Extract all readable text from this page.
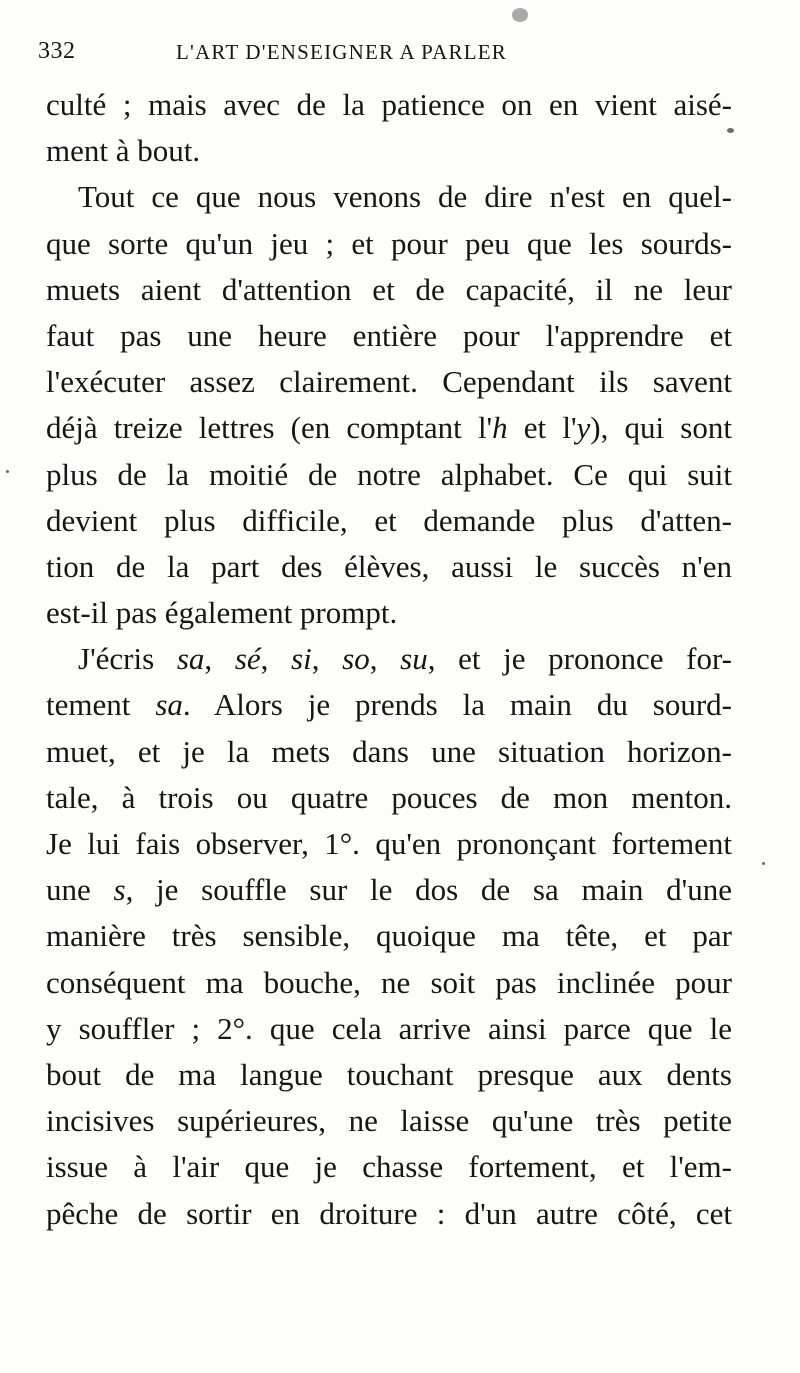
332	L'ART D'ENSEIGNER A PARLER
culté ; mais avec de la patience on en vient aisé-
ment à bout.
Tout ce que nous venons de dire n'est en quel-
que sorte qu'un jeu ; et pour peu que les sourds-
muets aient d'attention et de capacité, il ne leur
faut pas une heure entière pour l'apprendre et
l'exécuter assez clairement. Cependant ils savent
déjà treize lettres (en comptant l'h et l'y), qui sont
plus de la moitié de notre alphabet. Ce qui suit
devient plus difficile, et demande plus d'atten-
tion de la part des élèves, aussi le succès n'en
est-il pas également prompt.
J'écris sa, sé, si, so, su, et je prononce for-
tement sa. Alors je prends la main du sourd-
muet, et je la mets dans une situation horizon-
tale, à trois ou quatre pouces de mon menton.
Je lui fais observer, 1°. qu'en prononçant fortement
une s, je souffle sur le dos de sa main d'une
manière très sensible, quoique ma tête, et par
conséquent ma bouche, ne soit pas inclinée pour
y souffler ; 2°. que cela arrive ainsi parce que le
bout de ma langue touchant presque aux dents
incisives supérieures, ne laisse qu'une très petite
issue à l'air que je chasse fortement, et l'em-
pêche de sortir en droiture : d'un autre côté, cet
